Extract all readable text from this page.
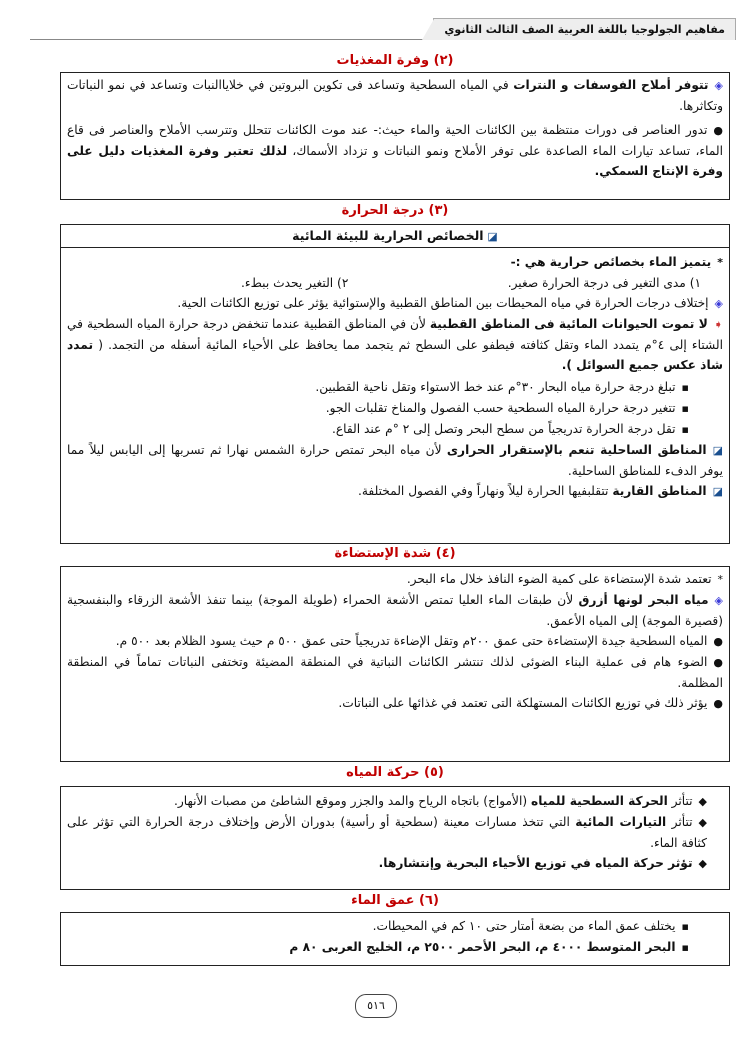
مفاهيم الجولوجيا باللغة العربية الصف الثالث الثانوي
(٢) وفرة المغذيات

◈تتوفر أملاح الفوسفات و النترات في المياه السطحية وتساعد فى تكوين البروتين في خلاياالنبات وتساعد في نمو النباتات وتكاثرها.

●تدور العناصر فى دورات منتظمة بين الكائنات الحية والماء حيث:- عند موت الكائنات تتحلل وتترسب الأملاح والعناصر فى قاع الماء، تساعد تيارات الماء الصاعدة على توفر الأملاح ونمو النباتات و تزداد الأسماك، لذلك تعتبر وفرة المغذيات دليل على وفرة الإنتاج السمكي.

(٣) درجة الحرارة
◪ الخصائص الحرارية للبيئة المائية

*يتميز الماء بخصائص حرارية هي :-

١) مدى التغير فى درجة الحرارة صغير.
٢) التغير يحدث ببطء.

◈إختلاف درجات الحرارة في مياه المحيطات بين المناطق القطبية والإستوائية يؤثر على توزيع الكائنات الحية.

➧لا تموت الحيوانات المائية فى المناطق القطبية لأن في المناطق القطبية عندما تنخفض درجة حرارة المياه السطحية في الشتاء إلى ٤°م يتمدد الماء وتقل كثافته فيطفو على السطح ثم يتجمد مما يحافظ على الأحياء المائية أسفله من التجمد. ( تمدد شاذ عكس جميع السوائل ).

▪تبلغ درجة حرارة مياه البحار ٣٠°م عند خط الاستواء وتقل ناحية القطبين.

▪تتغير درجة حرارة المياه السطحية حسب الفصول والمناخ تقلبات الجو.

▪تقل درجة الحرارة تدريجياً من سطح البحر وتصل إلى ٢ °م عند القاع.

◪المناطق الساحلية تنعم بالإستقرار الحرارى لأن مياه البحر تمتص حرارة الشمس نهارا ثم تسربها إلى اليابس ليلاً مما يوفر الدفء للمناطق الساحلية.

◪المناطق القارية تتقلبفيها الحرارة ليلاً ونهاراً وفي الفصول المختلفة.

(٤) شدة الإستضاءة

*تعتمد شدة الإستضاءة على كمية الضوء النافذ خلال ماء البحر.

◈مياه البحر لونها أزرق لأن طبقات الماء العليا تمتص الأشعة الحمراء (طويلة الموجة) بينما تنفذ الأشعة الزرقاء والبنفسجية (قصيرة الموجة) إلى المياه الأعمق.

●المياه السطحية جيدة الإستضاءة حتى عمق ٢٠٠م وتقل الإضاءة تدريجياً حتى عمق ٥٠٠ م حيث يسود الظلام بعد ٥٠٠ م.

●الضوء هام فى عملية البناء الضوئى لذلك تنتشر الكائنات النباتية في المنطقة المضيئة وتختفى النباتات تماماً في المنطقة المظلمة.

●يؤثر ذلك في توزيع الكائنات المستهلكة التى تعتمد في غذائها على النباتات.

(٥) حركة المياه

◆تتأثر الحركة السطحية للمياه (الأمواج) باتجاه الرياح والمد والجزر وموقع الشاطئ من مصبات الأنهار.

◆تتأثر التيارات المائية التي تتخذ مسارات معينة (سطحية أو رأسية) بدوران الأرض وإختلاف درجة الحرارة التي تؤثر على كثافة الماء.

◆تؤثر حركة المياه في توزيع الأحياء البحرية وإنتشارها.

(٦) عمق الماء

▪يختلف عمق الماء من بضعة أمتار حتى ١٠ كم في المحيطات.

▪البحر المتوسط ٤٠٠٠ م، البحر الأحمر ٢٥٠٠ م، الخليج العربى ٨٠ م

٥١٦
